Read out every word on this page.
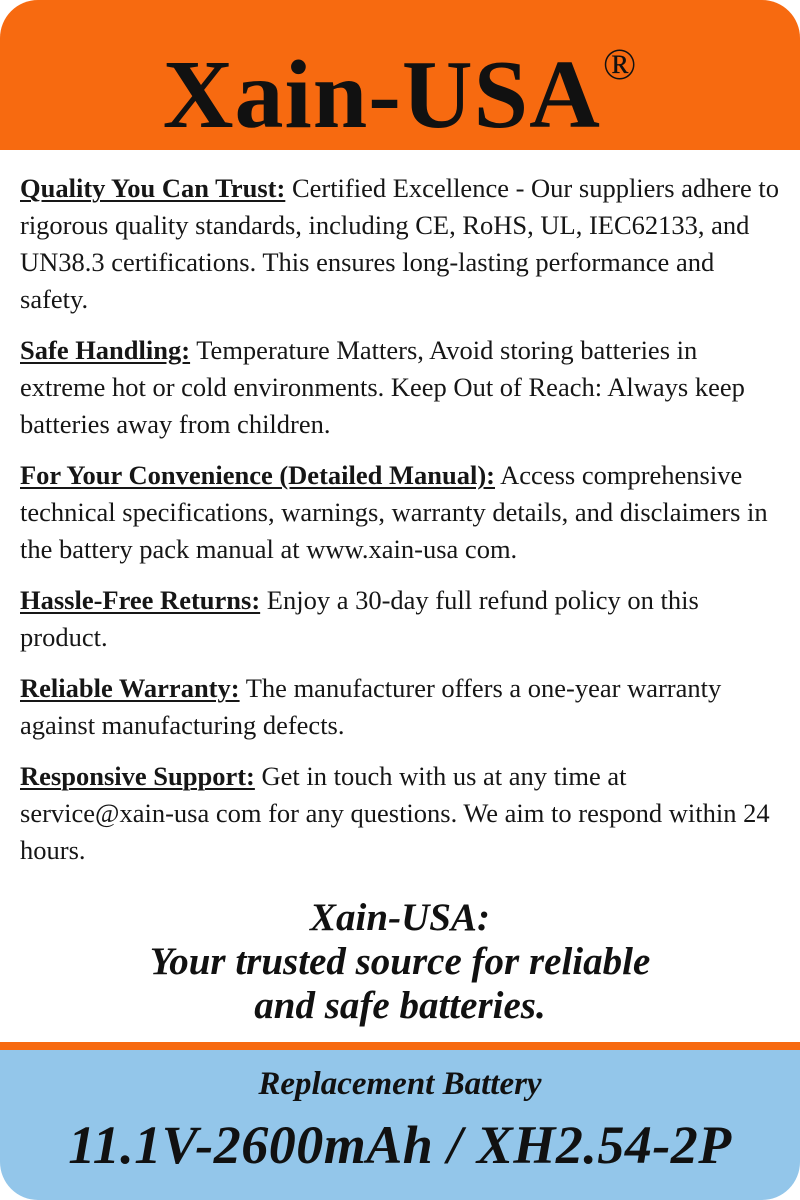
Xain-USA®

Quality You Can Trust: Certified Excellence - Our suppliers adhere to rigorous quality standards, including CE, RoHS, UL, IEC62133, and UN38.3 certifications. This ensures long-lasting performance and safety.

Safe Handling: Temperature Matters, Avoid storing batteries in extreme hot or cold environments. Keep Out of Reach: Always keep batteries away from children.

For Your Convenience (Detailed Manual): Access comprehensive technical specifications, warnings, warranty details, and disclaimers in the battery pack manual at www.xain-usa com.

Hassle-Free Returns: Enjoy a 30-day full refund policy on this product.

Reliable Warranty: The manufacturer offers a one-year warranty against manufacturing defects.

Responsive Support: Get in touch with us at any time at service@xain-usa com for any questions. We aim to respond within 24 hours.

Xain-USA:
Your trusted source for reliable
and safe batteries.
Replacement Battery
11.1V-2600mAh / XH2.54-2P
